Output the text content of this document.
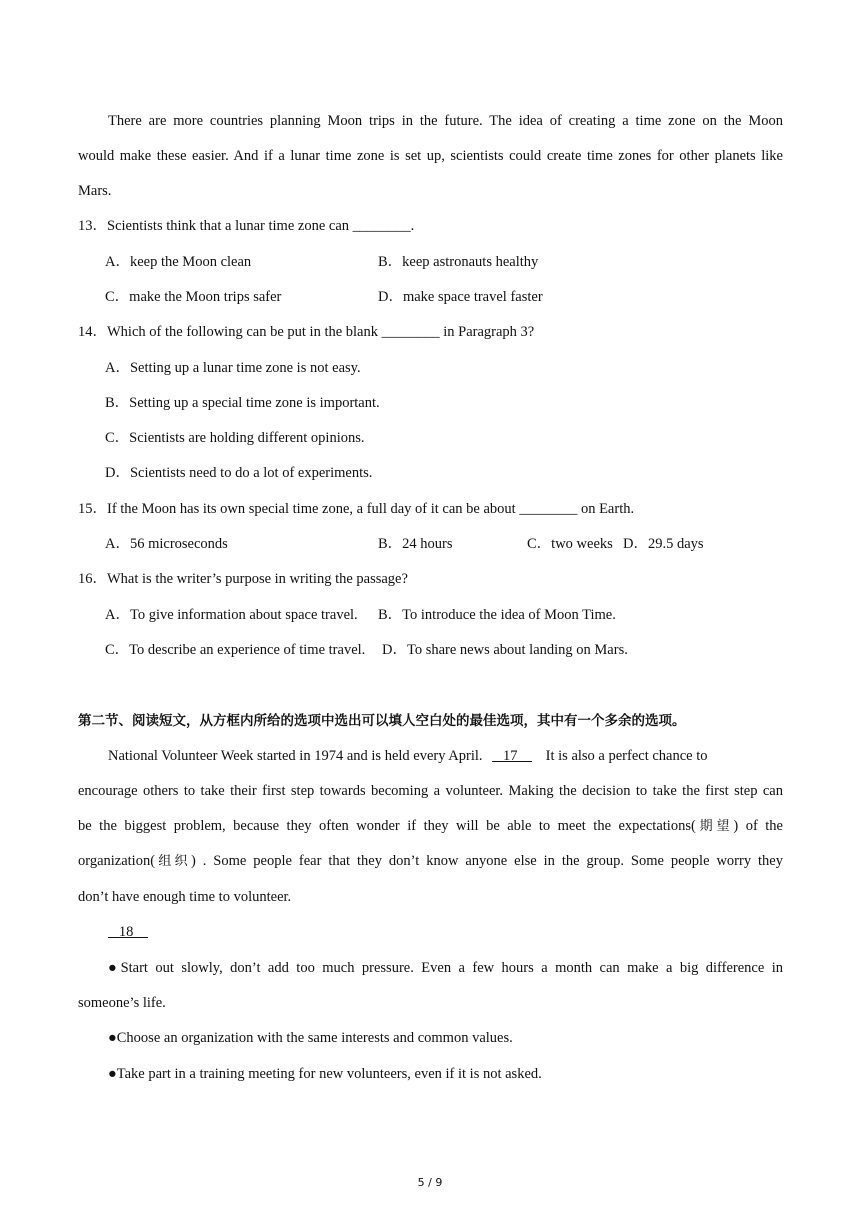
There are more countries planning Moon trips in the future. The idea of creating a time zone on the Moon
would make these easier. And if a lunar time zone is set up, scientists could create time zones for other planets like
Mars.
13．Scientists think that a lunar time zone can ________.
A．keep the Moon clean	B．keep astronauts healthy
C．make the Moon trips safer	D．make space travel faster
14．Which of the following can be put in the blank ________ in Paragraph 3?
A．Setting up a lunar time zone is not easy.
B．Setting up a special time zone is important.
C．Scientists are holding different opinions.
D．Scientists need to do a lot of experiments.
15．If the Moon has its own special time zone, a full day of it can be about ________ on Earth.
A．56 microseconds	B．24 hours	C．two weeks D．29.5 days
16．What is the writer’s purpose in writing the passage?
A．To give information about space travel. B．To introduce the idea of Moon Time.
C．To describe an experience of time travel. D．To share news about landing on Mars.
第二节、阅读短文，从方框内所给的选项中选出可以填人空白处的最佳选项，其中有一个多余的选项。
National Volunteer Week started in 1974 and is held every April.    17     It is also a perfect chance to
encourage others to take their first step towards becoming a volunteer. Making the decision to take the first step can
be the biggest problem, because they often wonder if they will be able to meet the expectations(期望) of the
organization(组织) . Some people fear that they don’t know anyone else in the group. Some people worry they
don’t have enough time to volunteer.
18
●Start out slowly, don’t add too much pressure. Even a few hours a month can make a big difference in
someone’s life.
●Choose an organization with the same interests and common values.
●Take part in a training meeting for new volunteers, even if it is not asked.
5 / 9
